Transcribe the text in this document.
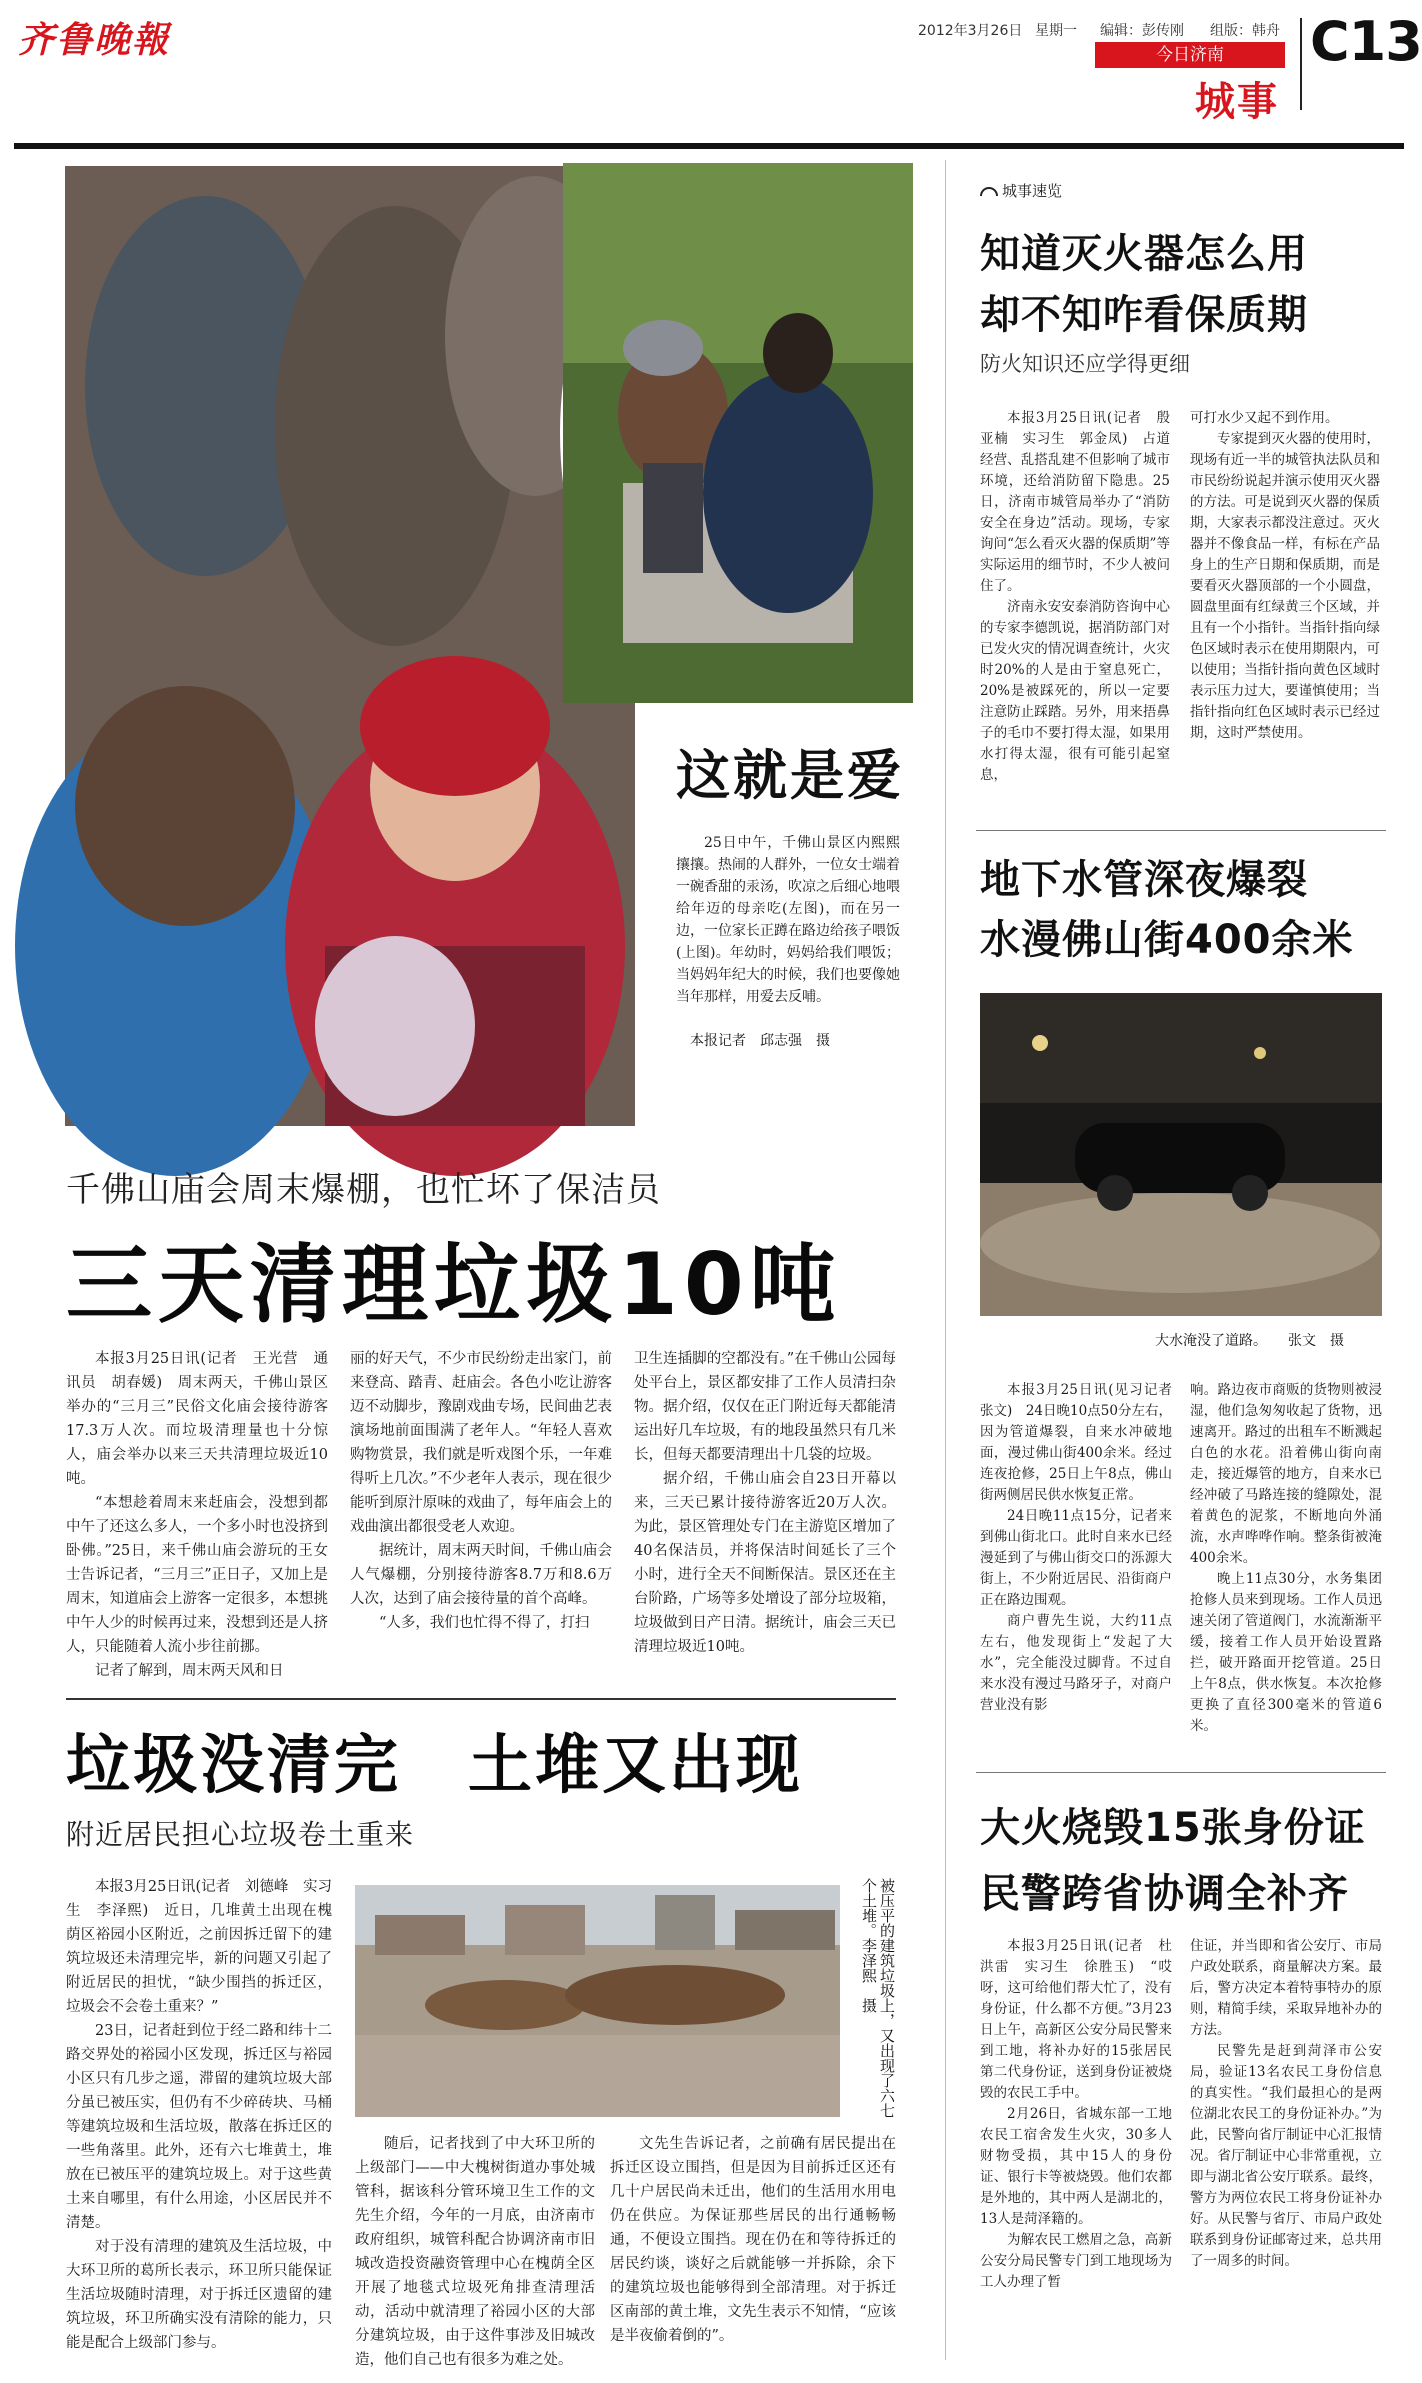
齐鲁晚報	2012年3月26日 星期一 编辑：彭传刚 组版：韩舟
今日济南
城事
C13
这就是爱

25日中午，千佛山景区内熙熙攘攘。热闹的人群外，一位女士端着一碗香甜的汞汤，吹凉之后细心地喂给年迈的母亲吃(左图)，而在另一边，一位家长正蹲在路边给孩子喂饭(上图)。年幼时，妈妈给我们喂饭；当妈妈年纪大的时候，我们也要像她当年那样，用爱去反哺。

本报记者　邱志强　摄
千佛山庙会周末爆棚，也忙坏了保洁员
三天清理垃圾10吨

本报3月25日讯(记者　王光营　通讯员　胡春媛)　周末两天，千佛山景区举办的“三月三”民俗文化庙会接待游客17.3万人次。而垃圾清理量也十分惊人，庙会举办以来三天共清理垃圾近10吨。

“本想趁着周末来赶庙会，没想到都中午了还这么多人，一个多小时也没挤到卧佛。”25日，来千佛山庙会游玩的王女士告诉记者，“三月三”正日子，又加上是周末，知道庙会上游客一定很多，本想挑中午人少的时候再过来，没想到还是人挤人，只能随着人流小步往前挪。

记者了解到，周末两天风和日

丽的好天气，不少市民纷纷走出家门，前来登高、踏青、赶庙会。各色小吃让游客迈不动脚步，豫剧戏曲专场，民间曲艺表演场地前面围满了老年人。“年轻人喜欢购物赏景，我们就是听戏图个乐，一年难得听上几次。”不少老年人表示，现在很少能听到原汁原味的戏曲了，每年庙会上的戏曲演出都很受老人欢迎。

据统计，周末两天时间，千佛山庙会人气爆棚，分别接待游客8.7万和8.6万人次，达到了庙会接待量的首个高峰。

“人多，我们也忙得不得了，打扫

卫生连插脚的空都没有。”在千佛山公园每处平台上，景区都安排了工作人员清扫杂物。据介绍，仅仅在正门附近每天都能清运出好几车垃圾，有的地段虽然只有几米长，但每天都要清理出十几袋的垃圾。

据介绍，千佛山庙会自23日开幕以来，三天已累计接待游客近20万人次。为此，景区管理处专门在主游览区增加了40名保洁员，并将保洁时间延长了三个小时，进行全天不间断保洁。景区还在主台阶路，广场等多处增设了部分垃圾箱，垃圾做到日产日清。据统计，庙会三天已清理垃圾近10吨。

垃圾没清完　土堆又出现
附近居民担心垃圾卷土重来

本报3月25日讯(记者　刘德峰　实习生　李泽熙)　近日，几堆黄土出现在槐荫区裕园小区附近，之前因拆迁留下的建筑垃圾还未清理完毕，新的问题又引起了附近居民的担忧，“缺少围挡的拆迁区，垃圾会不会卷土重来？”

23日，记者赶到位于经二路和纬十二路交界处的裕园小区发现，拆迁区与裕园小区只有几步之遥，滞留的建筑垃圾大部分虽已被压实，但仍有不少碎砖块、马桶等建筑垃圾和生活垃圾，散落在拆迁区的一些角落里。此外，还有六七堆黄土，堆放在已被压平的建筑垃圾上。对于这些黄土来自哪里，有什么用途，小区居民并不清楚。

对于没有清理的建筑及生活垃圾，中大环卫所的葛所长表示，环卫所只能保证生活垃圾随时清理，对于拆迁区遗留的建筑垃圾，环卫所确实没有清除的能力，只能是配合上级部门参与。

被压平的建筑垃圾上，又出现了六七个土堆。李泽熙　摄

随后，记者找到了中大环卫所的上级部门——中大槐树街道办事处城管科，据该科分管环境卫生工作的文先生介绍，今年的一月底，由济南市政府组织，城管科配合协调济南市旧城改造投资融资管理中心在槐荫全区开展了地毯式垃圾死角排查清理活动，活动中就清理了裕园小区的大部分建筑垃圾，由于这件事涉及旧城改造，他们自己也有很多为难之处。

文先生告诉记者，之前确有居民提出在拆迁区设立围挡，但是因为目前拆迁区还有几十户居民尚未迁出，他们的生活用水用电仍在供应。为保证那些居民的出行通畅畅通，不便设立围挡。现在仍在和等待拆迁的居民约谈，谈好之后就能够一并拆除，余下的建筑垃圾也能够得到全部清理。对于拆迁区南部的黄土堆，文先生表示不知情，“应该是半夜偷着倒的”。

城事速览
知道灭火器怎么用
却不知咋看保质期
防火知识还应学得更细

本报3月25日讯(记者　殷亚楠　实习生　郭金凤)　占道经营、乱搭乱建不但影响了城市环境，还给消防留下隐患。25日，济南市城管局举办了“消防安全在身边”活动。现场，专家询问“怎么看灭火器的保质期”等实际运用的细节时，不少人被问住了。

济南永安安泰消防咨询中心的专家李德凯说，据消防部门对已发火灾的情况调查统计，火灾时20%的人是由于窒息死亡，20%是被踩死的，所以一定要注意防止踩踏。另外，用来捂鼻子的毛巾不要打得太湿，如果用水打得太湿，很有可能引起窒息，

可打水少又起不到作用。

专家提到灭火器的使用时，现场有近一半的城管执法队员和市民纷纷说起并演示使用灭火器的方法。可是说到灭火器的保质期，大家表示都没注意过。灭火器并不像食品一样，有标在产品身上的生产日期和保质期，而是要看灭火器顶部的一个小圆盘，圆盘里面有红绿黄三个区域，并且有一个小指针。当指针指向绿色区域时表示在使用期限内，可以使用；当指针指向黄色区域时表示压力过大，要谨慎使用；当指针指向红色区域时表示已经过期，这时严禁使用。

地下水管深夜爆裂
水漫佛山街400余米
大水淹没了道路。　　张文　摄

本报3月25日讯(见习记者　张文)　24日晚10点50分左右，因为管道爆裂，自来水冲破地面，漫过佛山街400余米。经过连夜抢修，25日上午8点，佛山街两侧居民供水恢复正常。

24日晚11点15分，记者来到佛山街北口。此时自来水已经漫延到了与佛山街交口的泺源大街上，不少附近居民、沿街商户正在路边围观。

商户曹先生说，大约11点左右，他发现街上“发起了大水”，完全能没过脚背。不过自来水没有漫过马路牙子，对商户营业没有影

响。路边夜市商贩的货物则被浸湿，他们急匆匆收起了货物，迅速离开。路过的出租车不断溅起白色的水花。沿着佛山街向南走，接近爆管的地方，自来水已经冲破了马路连接的缝隙处，混着黄色的泥浆，不断地向外涌流，水声哗哗作响。整条街被淹400余米。

晚上11点30分，水务集团抢修人员来到现场。工作人员迅速关闭了管道阀门，水流渐渐平缓，接着工作人员开始设置路拦，破开路面开挖管道。25日上午8点，供水恢复。本次抢修更换了直径300毫米的管道6米。

大火烧毁15张身份证
民警跨省协调全补齐

本报3月25日讯(记者　杜洪雷　实习生　徐胜玉)　“哎呀，这可给他们帮大忙了，没有身份证，什么都不方便。”3月23日上午，高新区公安分局民警来到工地，将补办好的15张居民第二代身份证，送到身份证被烧毁的农民工手中。

2月26日，省城东部一工地农民工宿舍发生火灾，30多人财物受损，其中15人的身份证、银行卡等被烧毁。他们农都是外地的，其中两人是湖北的，13人是菏泽籍的。

为解农民工燃眉之急，高新公安分局民警专门到工地现场为工人办理了暂

住证，并当即和省公安厅、市局户政处联系，商量解决方案。最后，警方决定本着特事特办的原则，精简手续，采取异地补办的方法。

民警先是赶到菏泽市公安局，验证13名农民工身份信息的真实性。“我们最担心的是两位湖北农民工的身份证补办。”为此，民警向省厅制证中心汇报情况。省厅制证中心非常重视，立即与湖北省公安厅联系。最终，警方为两位农民工将身份证补办好。从民警与省厅、市局户政处联系到身份证邮寄过来，总共用了一周多的时间。
